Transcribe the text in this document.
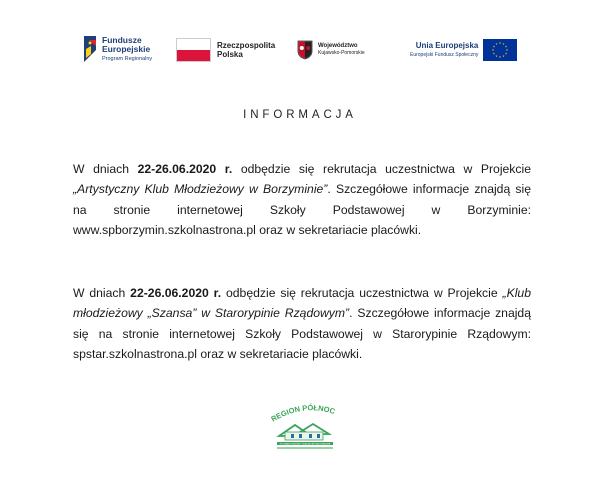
Fundusze
Europejskie
Program Regionalny
Rzeczpospolita
Polska
Województwo
Kujawsko-Pomorskie
Unia Europejska
Europejski Fundusz Społeczny
INFORMACJA

W dniach 22-26.06.2020 r. odbędzie się rekrutacja uczestnictwa w Projekcie „Artystyczny Klub Młodzieżowy w Borzyminie”. Szczegółowe informacje znajdą się na stronie internetowej Szkoły Podstawowej w Borzyminie: www.spborzymin.szkolnastrona.pl oraz w sekretariacie placówki.

W dniach 22-26.06.2020 r. odbędzie się rekrutacja uczestnictwa w Projekcie „Klub młodzieżowy „Szansa” w Starorypinie Rządowym”. Szczegółowe informacje znajdą się na stronie internetowej Szkoły Podstawowej w Starorypinie Rządowym: spstar.szkolnastrona.pl oraz w sekretariacie placówki.

REGION PÓŁNOC
STOWARZYSZENIE LOKALNA GRUPA DZIAŁANIA
